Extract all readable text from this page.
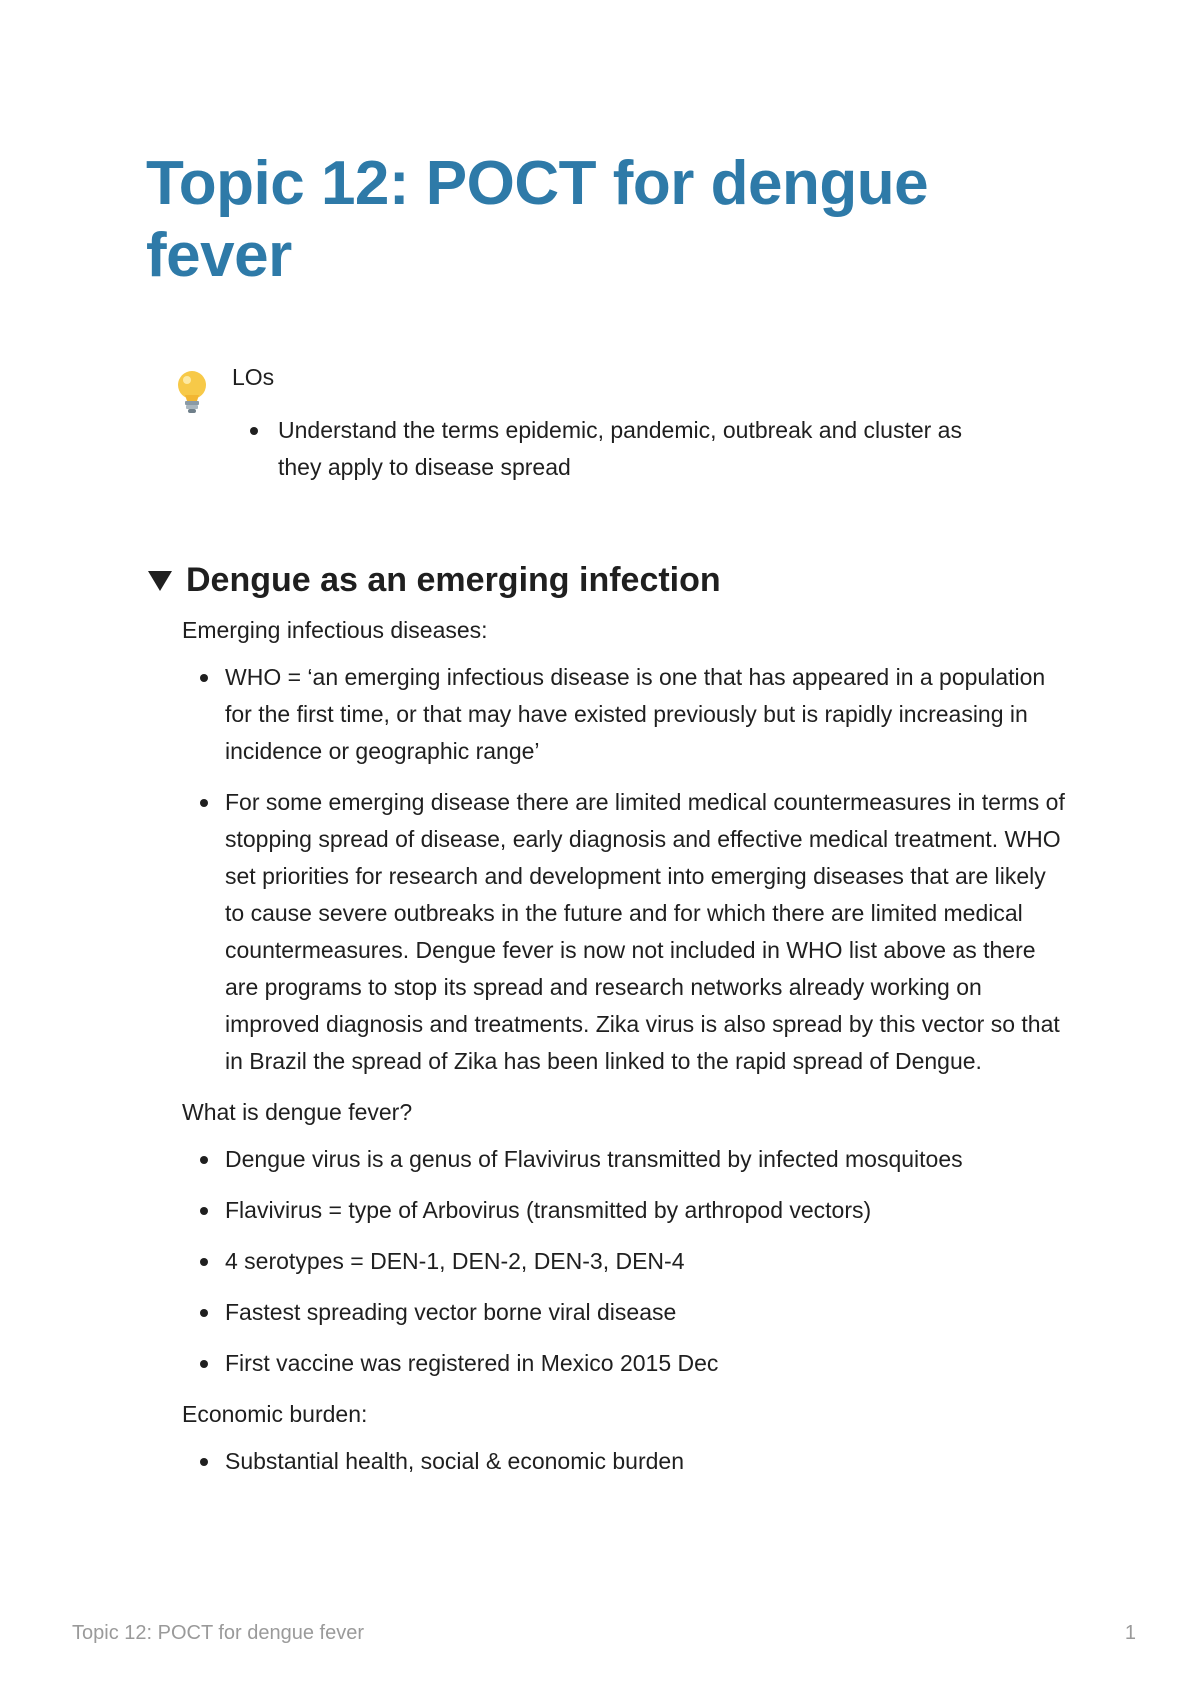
Topic 12: POCT for dengue fever
LOs
Understand the terms epidemic, pandemic, outbreak and cluster as they apply to disease spread
Dengue as an emerging infection

Emerging infectious diseases:

WHO = ‘an emerging infectious disease is one that has appeared in a population for the first time, or that may have existed previously but is rapidly increasing in incidence or geographic range’
For some emerging disease there are limited medical countermeasures in terms of stopping spread of disease, early diagnosis and effective medical treatment. WHO set priorities for research and development into emerging diseases that are likely to cause severe outbreaks in the future and for which there are limited medical countermeasures. Dengue fever is now not included in WHO list above as there are programs to stop its spread and research networks already working on improved diagnosis and treatments. Zika virus is also spread by this vector so that in Brazil the spread of Zika has been linked to the rapid spread of Dengue.

What is dengue fever?

Dengue virus is a genus of Flavivirus transmitted by infected mosquitoes
Flavivirus = type of Arbovirus (transmitted by arthropod vectors)
4 serotypes = DEN-1, DEN-2, DEN-3, DEN-4
Fastest spreading vector borne viral disease
First vaccine was registered in Mexico 2015 Dec

Economic burden:

Substantial health, social & economic burden
Topic 12: POCT for dengue fever	1
